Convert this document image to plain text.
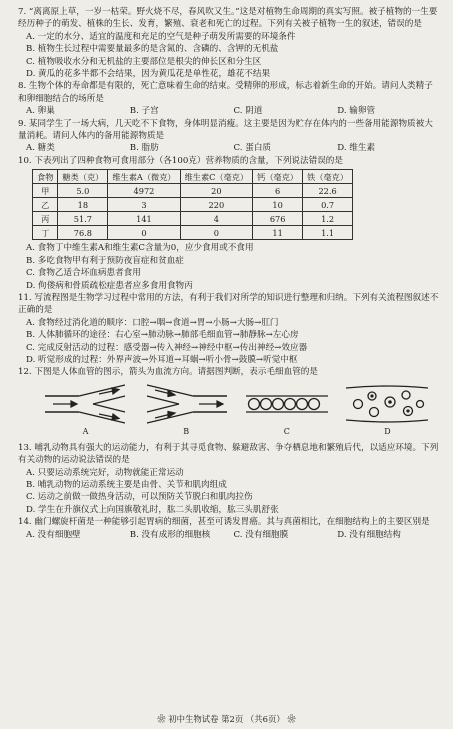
7. “离离原上草，一岁一枯荣。野火烧不尽，春风吹又生。”这是对植物生命周期的真实写照。被子植物的一生要经历种子的萌发、植株的生长、发育，繁殖、衰老和死亡的过程。下列有关被子植物一生的叙述，错误的是

A. 一定的水分、适宜的温度和充足的空气是种子萌发所需要的环境条件

B. 植物生长过程中需要量最多的是含氮的、含磷的、含钾的无机盐

C. 植物吸收水分和无机盐的主要部位是根尖的伸长区和分生区

D. 黄瓜的花多半都不会结果，因为黄瓜花是单性花，雄花不结果

8. 生物个体的寿命都是有限的，死亡意味着生命的结束。受精卵的形成，标志着新生命的开始。请问人类精子和卵细胞结合的场所是

A. 卵巢	B. 子宫	C. 阴道	D. 输卵管

9. 某同学生了一场大病，几天吃不下食物，身体明显消瘦。这主要是因为贮存在体内的一些备用能源物质被大量消耗。请问人体内的备用能源物质是

A. 糖类	B. 脂肪	C. 蛋白质	D. 维生素

10. 下表列出了四种食物可食用部分（各100克）营养物质的含量，下列说法错误的是

食物	糖类（克）	维生素A（微克）	维生素C（毫克）	钙（毫克）	铁（毫克）
甲	5.0	4972	20	6	22.6
乙	18	3	220	10	0.7
丙	51.7	141	4	676	1.2
丁	76.8	0	0	11	1.1

A. 食物丁中维生素A和维生素C含量为0，应少食用或不食用

B. 多吃食物甲有利于预防夜盲症和贫血症

C. 食物乙适合坏血病患者食用

D. 佝偻病和骨质疏松症患者应多食用食物丙

11. 写流程图是生物学习过程中常用的方法，有利于我们对所学的知识进行整理和归纳。下列有关流程图叙述不正确的是

A. 食物经过消化道的顺序：口腔→咽→食道→胃→小肠→大肠→肛门

B. 人体肺循环的途径：右心室→肺动脉→肺部毛细血管→肺静脉→左心房

C. 完成反射活动的过程：感受器→传入神经→神经中枢→传出神经→效应器

D. 听觉形成的过程：外界声波→外耳道→耳蜗→听小骨→鼓膜→听觉中枢

12. 下图是人体血管的图示，箭头为血流方向。请据图判断，表示毛细血管的是

A	B	C	D

13. 哺乳动物具有强大的运动能力，有利于其寻觅食物、躲避敌害、争夺栖息地和繁殖后代，以适应环境。下列有关动物的运动说法错误的是

A. 只要运动系统完好，动物就能正常运动

B. 哺乳动物的运动系统主要是由骨、关节和肌肉组成

C. 运动之前做一做热身活动，可以预防关节脱臼和肌肉拉伤

D. 学生在升旗仪式上向国旗敬礼时，肱二头肌收缩，肱三头肌舒张

14. 幽门螺旋杆菌是一种能够引起胃病的细菌，甚至可诱发胃癌。其与真菌相比，在细胞结构上的主要区别是

A. 没有细胞壁	B. 没有成形的细胞核	C. 没有细胞膜	D. 没有细胞结构
❀ 初中生物试卷 第2页 （共6页） ❀
